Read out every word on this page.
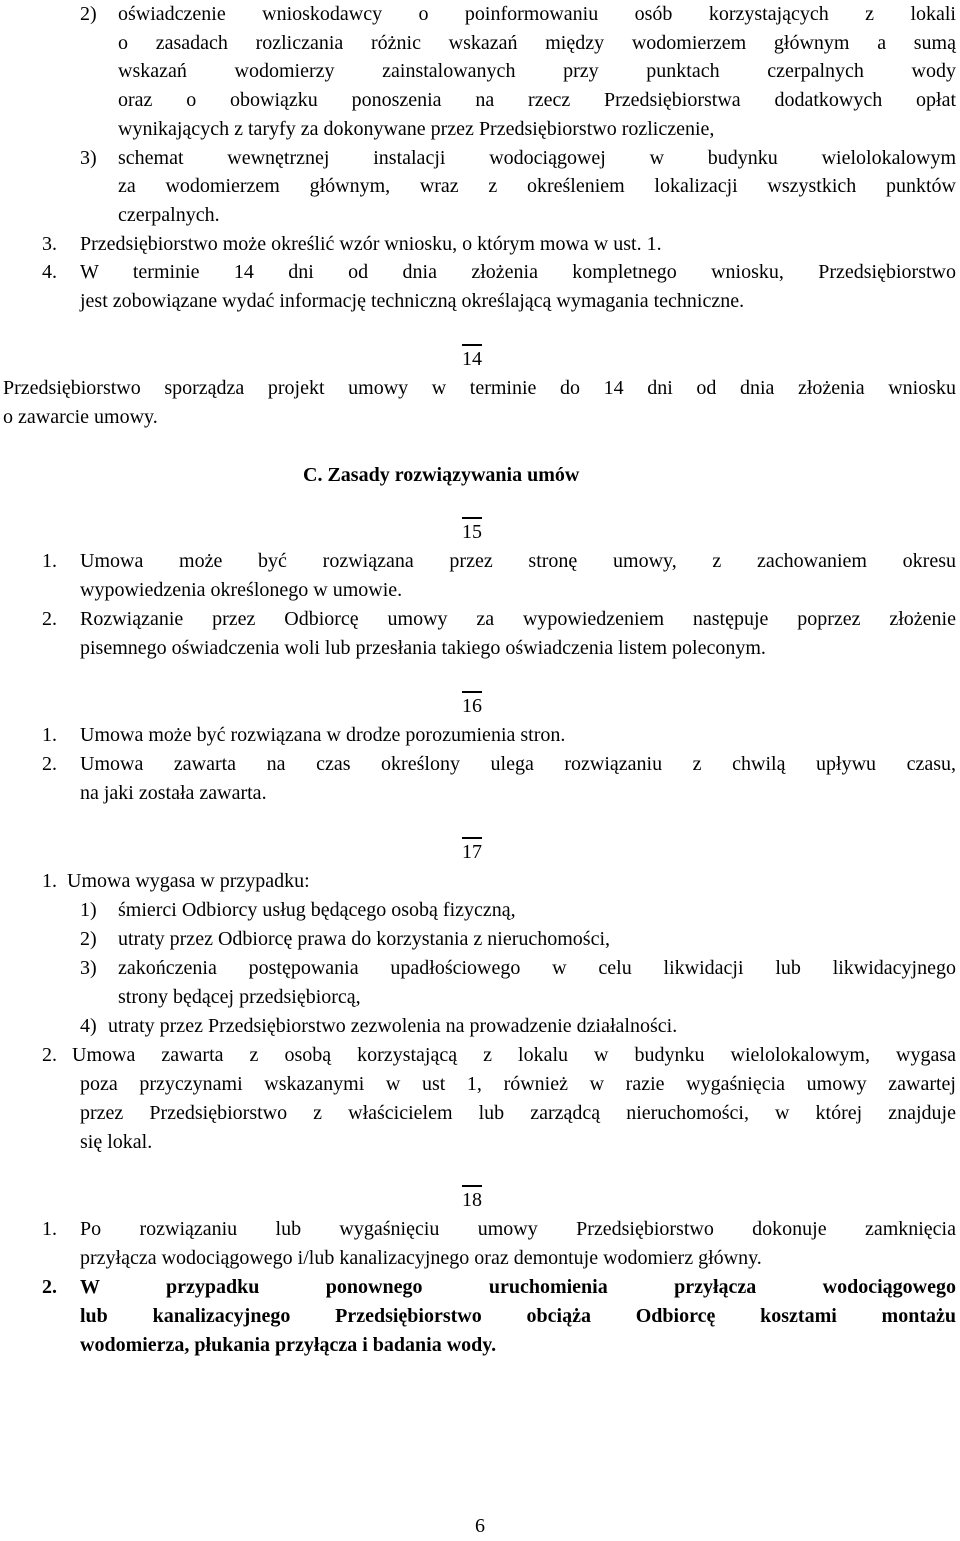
2) oświadczenie wnioskodawcy o poinformowaniu osób korzystających z lokali
o zasadach rozliczania różnic wskazań między wodomierzem głównym a sumą
wskazań wodomierzy zainstalowanych przy punktach czerpalnych wody
oraz o obowiązku ponoszenia na rzecz Przedsiębiorstwa dodatkowych opłat
wynikających z taryfy za dokonywane przez Przedsiębiorstwo rozliczenie,
3) schemat wewnętrznej instalacji wodociągowej w budynku wielolokalowym
za wodomierzem głównym, wraz z określeniem lokalizacji wszystkich punktów
czerpalnych.
3. Przedsiębiorstwo może określić wzór wniosku, o którym mowa w ust. 1.
4. W terminie 14 dni od dnia złożenia kompletnego wniosku, Przedsiębiorstwo
jest zobowiązane wydać informację techniczną określającą wymagania techniczne.
14
Przedsiębiorstwo sporządza projekt umowy w terminie do 14 dni od dnia złożenia wniosku
o zawarcie umowy.
C. Zasady rozwiązywania umów
15
1. Umowa może być rozwiązana przez stronę umowy, z zachowaniem okresu
wypowiedzenia określonego w umowie.
2. Rozwiązanie przez Odbiorcę umowy za wypowiedzeniem następuje poprzez złożenie
pisemnego oświadczenia woli lub przesłania takiego oświadczenia listem poleconym.
16
1. Umowa może być rozwiązana w drodze porozumienia stron.
2. Umowa zawarta na czas określony ulega rozwiązaniu z chwilą upływu czasu,
na jaki została zawarta.
17
1. Umowa wygasa w przypadku:
1) śmierci Odbiorcy usług będącego osobą fizyczną,
2) utraty przez Odbiorcę prawa do korzystania z nieruchomości,
3) zakończenia postępowania upadłościowego w celu likwidacji lub likwidacyjnego
strony będącej przedsiębiorcą,
4) utraty przez Przedsiębiorstwo zezwolenia na prowadzenie działalności.
2. Umowa zawarta z osobą korzystającą z lokalu w budynku wielolokalowym, wygasa
poza przyczynami wskazanymi w ust 1, również w razie wygaśnięcia umowy zawartej
przez Przedsiębiorstwo z właścicielem lub zarządcą nieruchomości, w której znajduje
się lokal.
18
1. Po rozwiązaniu lub wygaśnięciu umowy Przedsiębiorstwo dokonuje zamknięcia
przyłącza wodociągowego i/lub kanalizacyjnego oraz demontuje wodomierz główny.
2. W przypadku ponownego uruchomienia przyłącza wodociągowego
lub kanalizacyjnego Przedsiębiorstwo obciąża Odbiorcę kosztami montażu
wodomierza, płukania przyłącza i badania wody.
6
